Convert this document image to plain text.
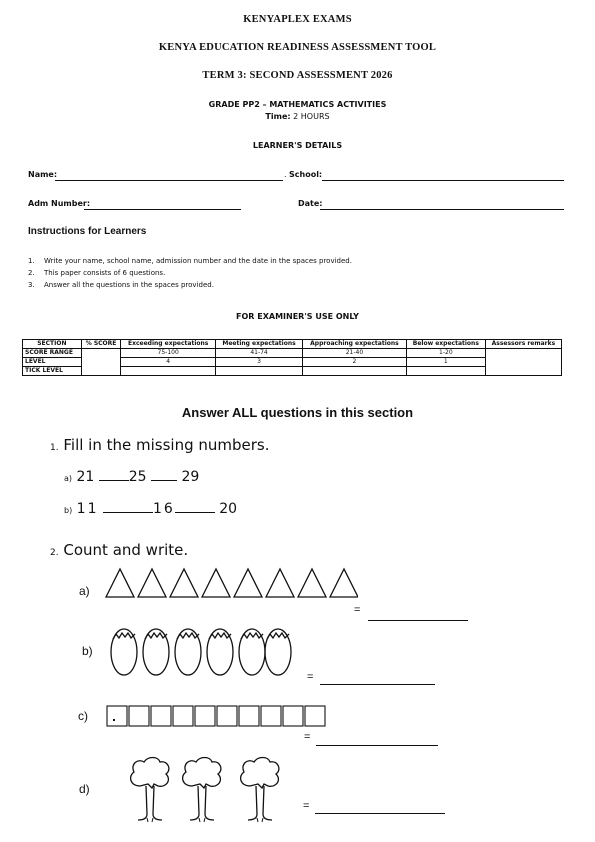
KENYAPLEX EXAMS
KENYA EDUCATION READINESS ASSESSMENT TOOL
TERM 3: SECOND ASSESSMENT 2026
GRADE PP2 – MATHEMATICS ACTIVITIES
Time: 2 HOURS
LEARNER'S DETAILS
Name:	. School:
Adm Number:	Date:
Instructions for Learners
1. Write your name, school name, admission number and the date in the spaces provided.
2. This paper consists of 6 questions.
3. Answer all the questions in the spaces provided.
FOR EXAMINER'S USE ONLY
SECTION	% SCORE	Exceeding expectations	Meeting expectations	Approaching expectations	Below expectations	Assessors remarks
SCORE RANGE		75-100	41-74	21-40	1-20	
LEVEL		4	3	2	1	
TICK LEVEL						
Answer ALL questions in this section
1. Fill in the missing numbers.
a) 21 25 29
b) 11	16	20
2. Count and write.
a)
=
b)
=
c)
=
d)
=
